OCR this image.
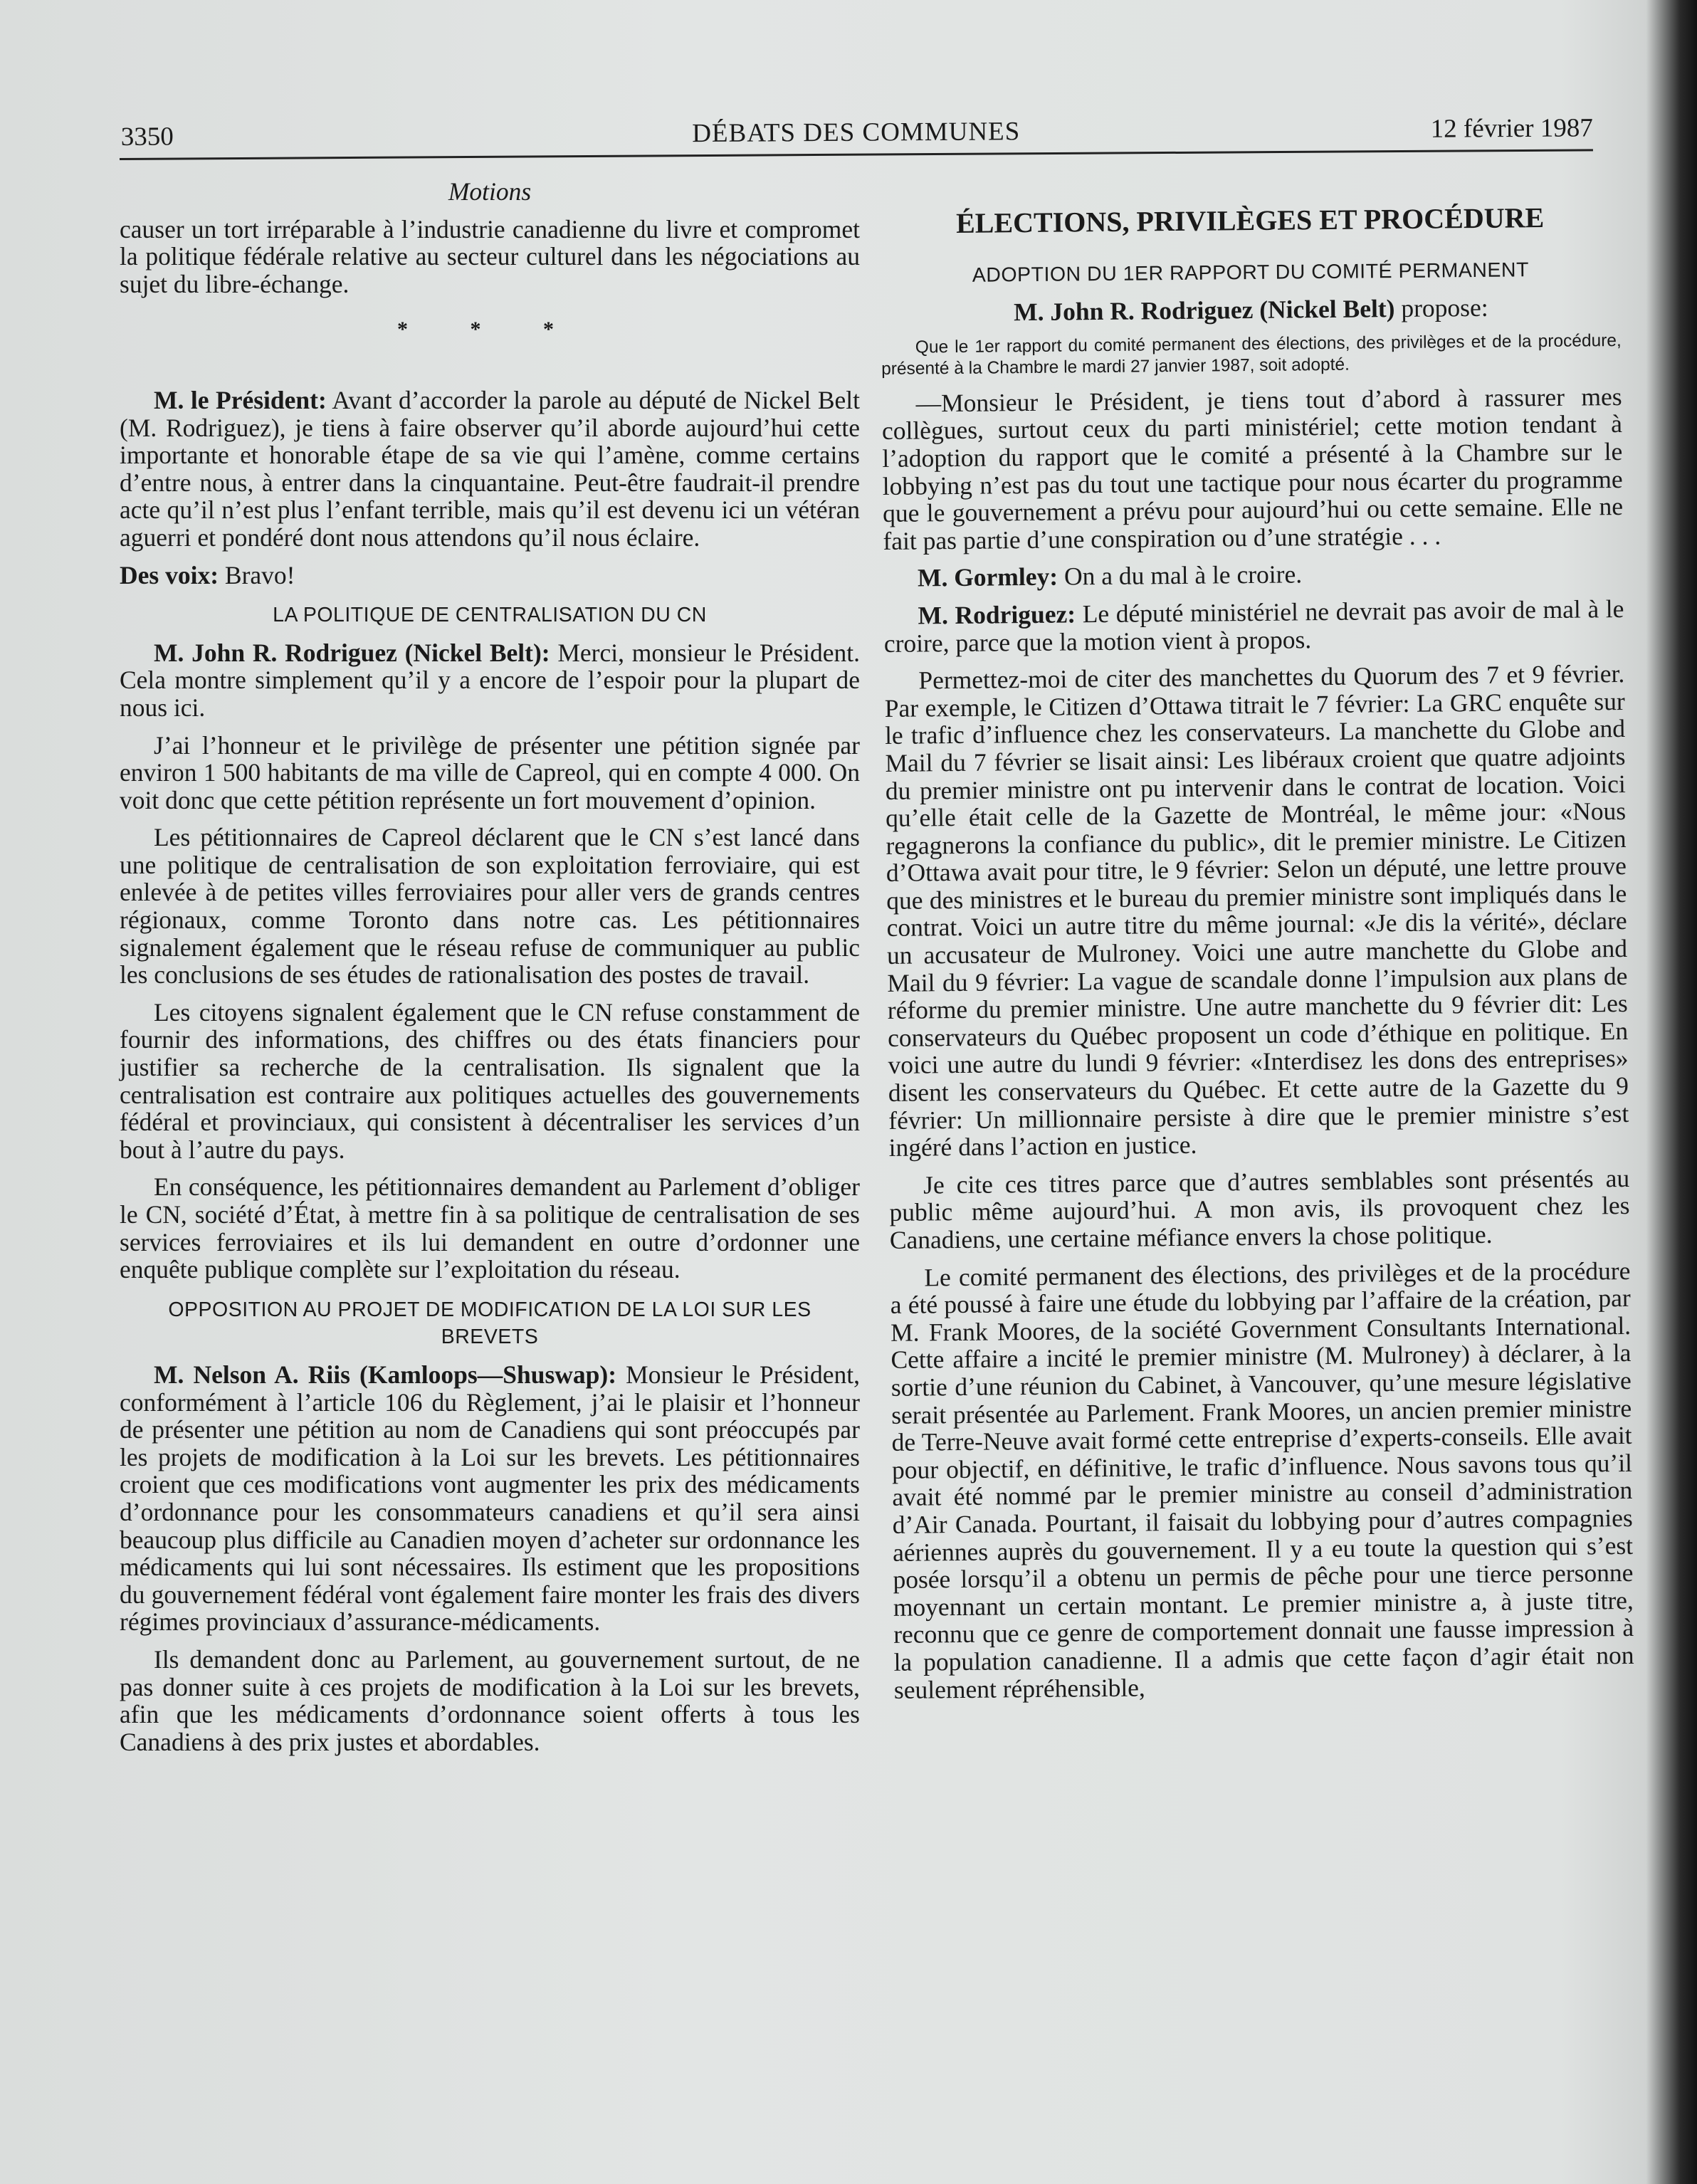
3350	DÉBATS DES COMMUNES	12 février 1987

Motions

causer un tort irréparable à l’industrie canadienne du livre et compromet la politique fédérale relative au secteur culturel dans les négociations au sujet du libre-échange.

* * *

M. le Président: Avant d’accorder la parole au député de Nickel Belt (M. Rodriguez), je tiens à faire observer qu’il aborde aujourd’hui cette importante et honorable étape de sa vie qui l’amène, comme certains d’entre nous, à entrer dans la cinquantaine. Peut-être faudrait-il prendre acte qu’il n’est plus l’enfant terrible, mais qu’il est devenu ici un vétéran aguerri et pondéré dont nous attendons qu’il nous éclaire.

Des voix: Bravo!

LA POLITIQUE DE CENTRALISATION DU CN

M. John R. Rodriguez (Nickel Belt): Merci, monsieur le Président. Cela montre simplement qu’il y a encore de l’espoir pour la plupart de nous ici.

J’ai l’honneur et le privilège de présenter une pétition signée par environ 1 500 habitants de ma ville de Capreol, qui en compte 4 000. On voit donc que cette pétition représente un fort mouvement d’opinion.

Les pétitionnaires de Capreol déclarent que le CN s’est lancé dans une politique de centralisation de son exploitation ferroviaire, qui est enlevée à de petites villes ferroviaires pour aller vers de grands centres régionaux, comme Toronto dans notre cas. Les pétitionnaires signalement également que le réseau refuse de communiquer au public les conclusions de ses études de rationalisation des postes de travail.

Les citoyens signalent également que le CN refuse constamment de fournir des informations, des chiffres ou des états financiers pour justifier sa recherche de la centralisation. Ils signalent que la centralisation est contraire aux politiques actuelles des gouvernements fédéral et provinciaux, qui consistent à décentraliser les services d’un bout à l’autre du pays.

En conséquence, les pétitionnaires demandent au Parlement d’obliger le CN, société d’État, à mettre fin à sa politique de centralisation de ses services ferroviaires et ils lui demandent en outre d’ordonner une enquête publique complète sur l’exploitation du réseau.

OPPOSITION AU PROJET DE MODIFICATION DE LA LOI SUR LES BREVETS

M. Nelson A. Riis (Kamloops—Shuswap): Monsieur le Président, conformément à l’article 106 du Règlement, j’ai le plaisir et l’honneur de présenter une pétition au nom de Canadiens qui sont préoccupés par les projets de modification à la Loi sur les brevets. Les pétitionnaires croient que ces modifications vont augmenter les prix des médicaments d’ordonnance pour les consommateurs canadiens et qu’il sera ainsi beaucoup plus difficile au Canadien moyen d’acheter sur ordonnance les médicaments qui lui sont nécessaires. Ils estiment que les propositions du gouvernement fédéral vont également faire monter les frais des divers régimes provinciaux d’assurance-médicaments.

Ils demandent donc au Parlement, au gouvernement surtout, de ne pas donner suite à ces projets de modification à la Loi sur les brevets, afin que les médicaments d’ordonnance soient offerts à tous les Canadiens à des prix justes et abordables.

ÉLECTIONS, PRIVILÈGES ET PROCÉDURE
ADOPTION DU 1ER RAPPORT DU COMITÉ PERMANENT

M. John R. Rodriguez (Nickel Belt) propose:

Que le 1er rapport du comité permanent des élections, des privilèges et de la procédure, présenté à la Chambre le mardi 27 janvier 1987, soit adopté.

—Monsieur le Président, je tiens tout d’abord à rassurer mes collègues, surtout ceux du parti ministériel; cette motion tendant à l’adoption du rapport que le comité a présenté à la Chambre sur le lobbying n’est pas du tout une tactique pour nous écarter du programme que le gouvernement a prévu pour aujourd’hui ou cette semaine. Elle ne fait pas partie d’une conspiration ou d’une stratégie . . .

M. Gormley: On a du mal à le croire.

M. Rodriguez: Le député ministériel ne devrait pas avoir de mal à le croire, parce que la motion vient à propos.

Permettez-moi de citer des manchettes du Quorum des 7 et 9 février. Par exemple, le Citizen d’Ottawa titrait le 7 février: La GRC enquête sur le trafic d’influence chez les conservateurs. La manchette du Globe and Mail du 7 février se lisait ainsi: Les libéraux croient que quatre adjoints du premier ministre ont pu intervenir dans le contrat de location. Voici qu’elle était celle de la Gazette de Montréal, le même jour: «Nous regagnerons la confiance du public», dit le premier ministre. Le Citizen d’Ottawa avait pour titre, le 9 février: Selon un député, une lettre prouve que des ministres et le bureau du premier ministre sont impliqués dans le contrat. Voici un autre titre du même journal: «Je dis la vérité», déclare un accusateur de Mulroney. Voici une autre manchette du Globe and Mail du 9 février: La vague de scandale donne l’impulsion aux plans de réforme du premier ministre. Une autre manchette du 9 février dit: Les conservateurs du Québec proposent un code d’éthique en politique. En voici une autre du lundi 9 février: «Interdisez les dons des entreprises» disent les conservateurs du Québec. Et cette autre de la Gazette du 9 février: Un millionnaire persiste à dire que le premier ministre s’est ingéré dans l’action en justice.

Je cite ces titres parce que d’autres semblables sont présentés au public même aujourd’hui. A mon avis, ils provoquent chez les Canadiens, une certaine méfiance envers la chose politique.

Le comité permanent des élections, des privilèges et de la procédure a été poussé à faire une étude du lobbying par l’affaire de la création, par M. Frank Moores, de la société Government Consultants International. Cette affaire a incité le premier ministre (M. Mulroney) à déclarer, à la sortie d’une réunion du Cabinet, à Vancouver, qu’une mesure législative serait présentée au Parlement. Frank Moores, un ancien premier ministre de Terre-Neuve avait formé cette entreprise d’experts-conseils. Elle avait pour objectif, en définitive, le trafic d’influence. Nous savons tous qu’il avait été nommé par le premier ministre au conseil d’administration d’Air Canada. Pourtant, il faisait du lobbying pour d’autres compagnies aériennes auprès du gouvernement. Il y a eu toute la question qui s’est posée lorsqu’il a obtenu un permis de pêche pour une tierce personne moyennant un certain montant. Le premier ministre a, à juste titre, reconnu que ce genre de comportement donnait une fausse impression à la population canadienne. Il a admis que cette façon d’agir était non seulement répréhensible,
